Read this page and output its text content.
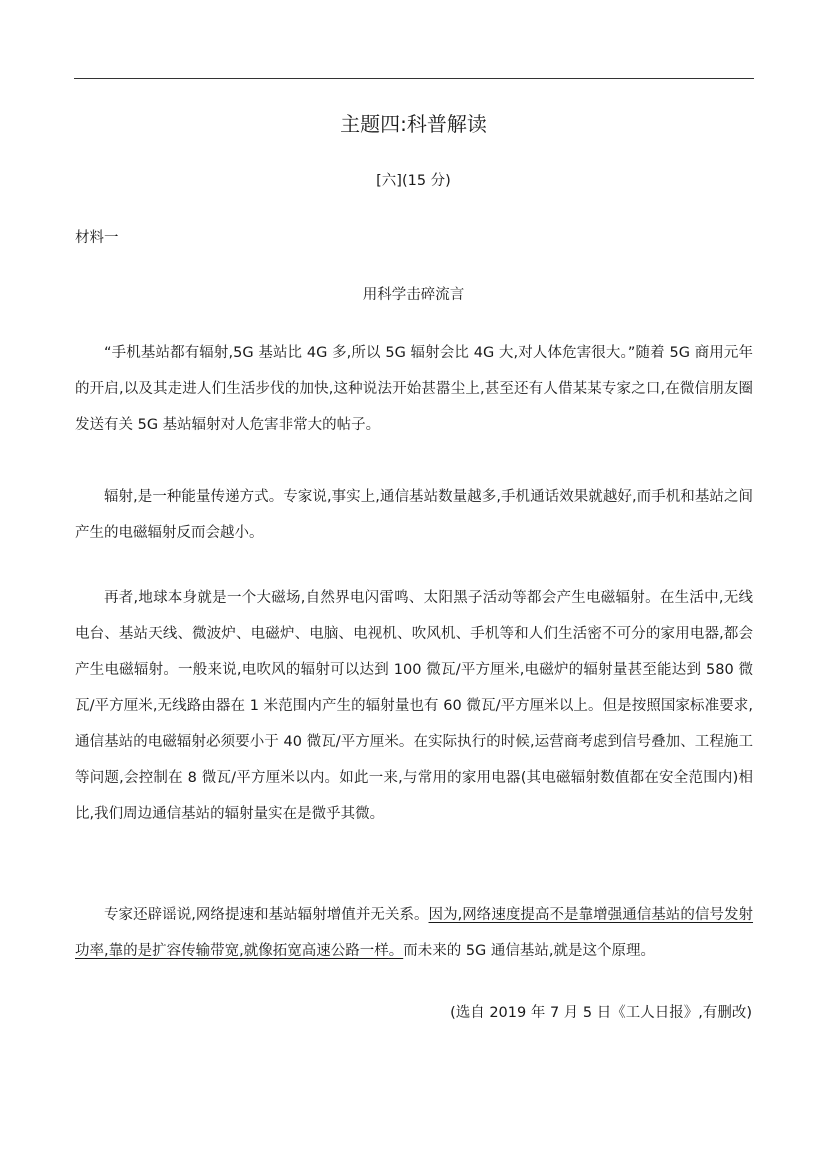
主题四:科普解读
[六](15 分)
材料一
用科学击碎流言

“手机基站都有辐射,5G 基站比 4G 多,所以 5G 辐射会比 4G 大,对人体危害很大。”随着 5G 商用元年的开启,以及其走进人们生活步伐的加快,这种说法开始甚嚣尘上,甚至还有人借某某专家之口,在微信朋友圈发送有关 5G 基站辐射对人危害非常大的帖子。

辐射,是一种能量传递方式。专家说,事实上,通信基站数量越多,手机通话效果就越好,而手机和基站之间产生的电磁辐射反而会越小。

再者,地球本身就是一个大磁场,自然界电闪雷鸣、太阳黑子活动等都会产生电磁辐射。在生活中,无线电台、基站天线、微波炉、电磁炉、电脑、电视机、吹风机、手机等和人们生活密不可分的家用电器,都会产生电磁辐射。一般来说,电吹风的辐射可以达到 100 微瓦/平方厘米,电磁炉的辐射量甚至能达到 580 微瓦/平方厘米,无线路由器在 1 米范围内产生的辐射量也有 60 微瓦/平方厘米以上。但是按照国家标准要求,通信基站的电磁辐射必须要小于 40 微瓦/平方厘米。在实际执行的时候,运营商考虑到信号叠加、工程施工等问题,会控制在 8 微瓦/平方厘米以内。如此一来,与常用的家用电器(其电磁辐射数值都在安全范围内)相比,我们周边通信基站的辐射量实在是微乎其微。

专家还辟谣说,网络提速和基站辐射增值并无关系。因为,网络速度提高不是靠增强通信基站的信号发射功率,靠的是扩容传输带宽,就像拓宽高速公路一样。而未来的 5G 通信基站,就是这个原理。

(选自 2019 年 7 月 5 日《工人日报》,有删改)
